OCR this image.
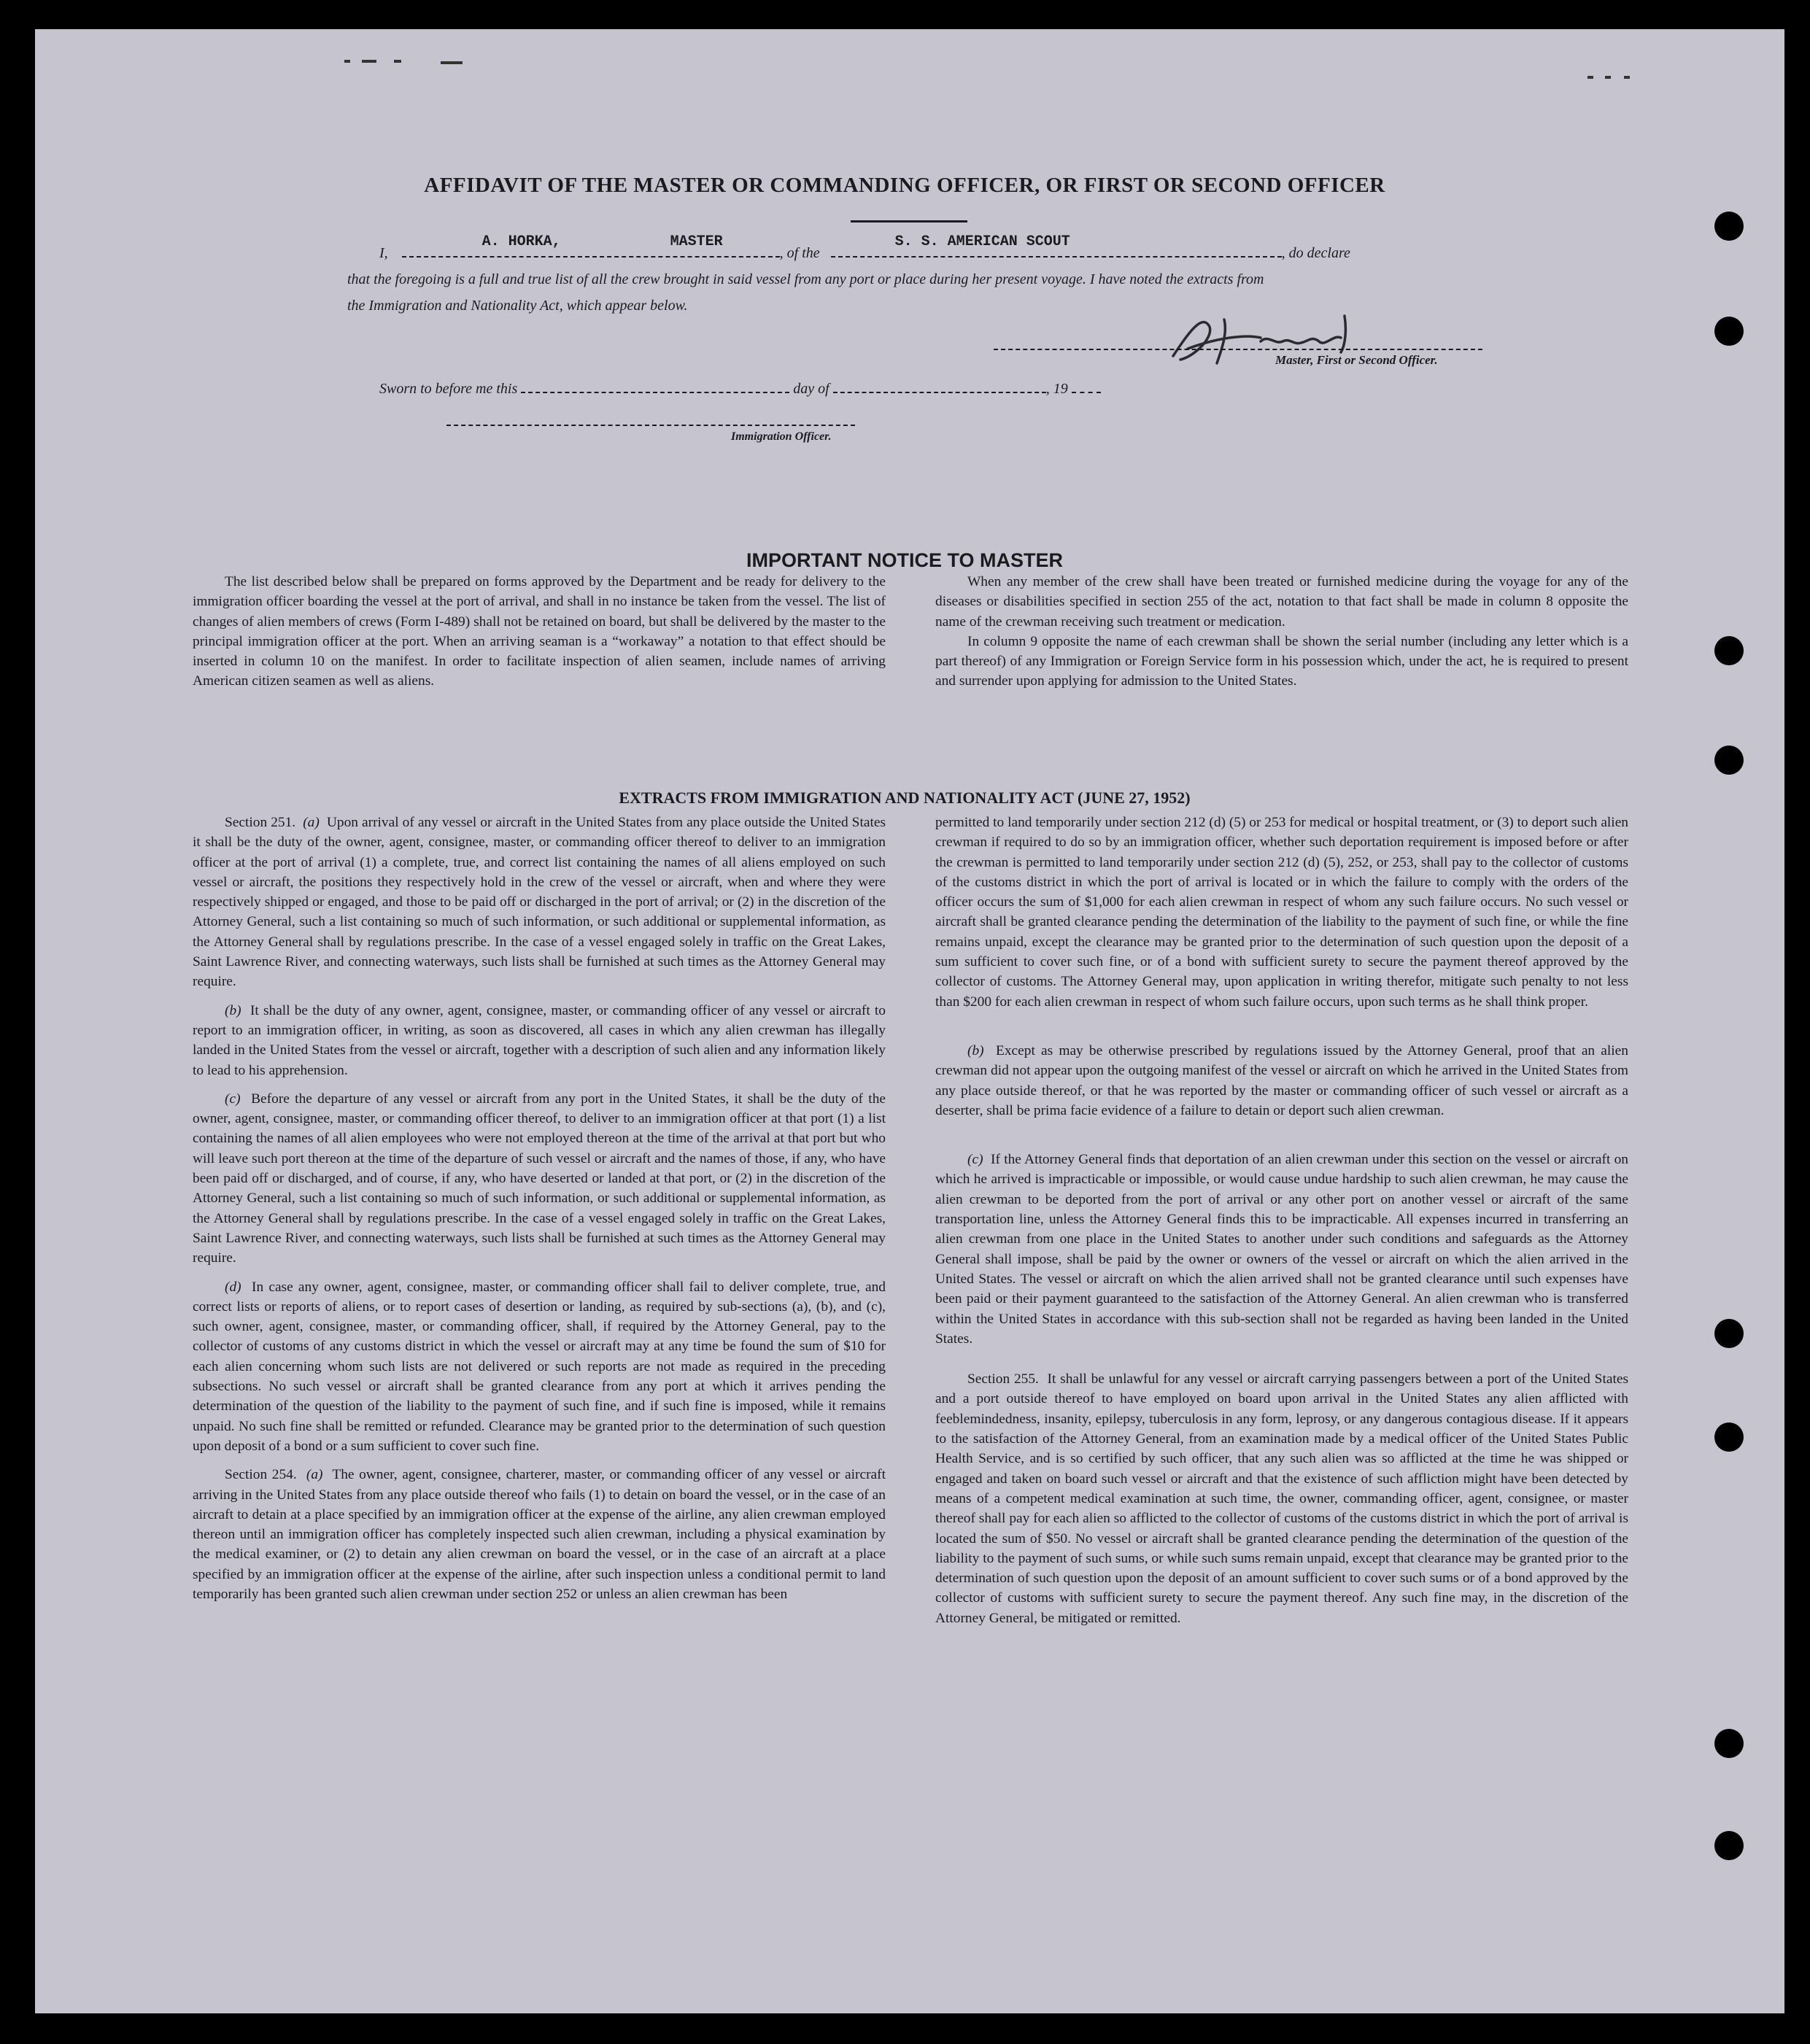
AFFIDAVIT OF THE MASTER OR COMMANDING OFFICER, OR FIRST OR SECOND OFFICER
I,
A. HORKA,	MASTER
, of the
S. S. AMERICAN SCOUT
, do declare
that the foregoing is a full and true list of all the crew brought in said vessel from any port or place during her present voyage. I have noted the extracts from
the Immigration and Nationality Act, which appear below.
Master, First or Second Officer.
Sworn to before me this	day of	, 19
Immigration Officer.
IMPORTANT NOTICE TO MASTER

The list described below shall be prepared on forms approved by the Department and be ready for delivery to the immigration officer boarding the vessel at the port of arrival, and shall in no instance be taken from the vessel. The list of changes of alien members of crews (Form I-489) shall not be retained on board, but shall be delivered by the master to the principal immigration officer at the port. When an arriving seaman is a “workaway” a notation to that effect should be inserted in column 10 on the manifest. In order to facilitate inspection of alien seamen, include names of arriving American citizen seamen as well as aliens.

When any member of the crew shall have been treated or furnished medicine during the voyage for any of the diseases or disabilities specified in section 255 of the act, notation to that fact shall be made in column 8 opposite the name of the crewman receiving such treatment or medication.

In column 9 opposite the name of each crewman shall be shown the serial number (including any letter which is a part thereof) of any Immigration or Foreign Service form in his possession which, under the act, he is required to present and surrender upon applying for admission to the United States.

EXTRACTS FROM IMMIGRATION AND NATIONALITY ACT (JUNE 27, 1952)

Section 251. (a) Upon arrival of any vessel or aircraft in the United States from any place outside the United States it shall be the duty of the owner, agent, consignee, master, or commanding officer thereof to deliver to an immigration officer at the port of arrival (1) a complete, true, and correct list containing the names of all aliens employed on such vessel or aircraft, the positions they respectively hold in the crew of the vessel or aircraft, when and where they were respectively shipped or engaged, and those to be paid off or discharged in the port of arrival; or (2) in the discretion of the Attorney General, such a list containing so much of such information, or such additional or supplemental information, as the Attorney General shall by regulations prescribe. In the case of a vessel engaged solely in traffic on the Great Lakes, Saint Lawrence River, and connecting waterways, such lists shall be furnished at such times as the Attorney General may require.

(b) It shall be the duty of any owner, agent, consignee, master, or commanding officer of any vessel or aircraft to report to an immigration officer, in writing, as soon as discovered, all cases in which any alien crewman has illegally landed in the United States from the vessel or aircraft, together with a description of such alien and any information likely to lead to his apprehension.

(c) Before the departure of any vessel or aircraft from any port in the United States, it shall be the duty of the owner, agent, consignee, master, or commanding officer thereof, to deliver to an immigration officer at that port (1) a list containing the names of all alien employees who were not employed thereon at the time of the arrival at that port but who will leave such port thereon at the time of the departure of such vessel or aircraft and the names of those, if any, who have been paid off or discharged, and of course, if any, who have deserted or landed at that port, or (2) in the discretion of the Attorney General, such a list containing so much of such information, or such additional or supplemental information, as the Attorney General shall by regulations prescribe. In the case of a vessel engaged solely in traffic on the Great Lakes, Saint Lawrence River, and connecting waterways, such lists shall be furnished at such times as the Attorney General may require.

(d) In case any owner, agent, consignee, master, or commanding officer shall fail to deliver complete, true, and correct lists or reports of aliens, or to report cases of desertion or landing, as required by sub-sections (a), (b), and (c), such owner, agent, consignee, master, or commanding officer, shall, if required by the Attorney General, pay to the collector of customs of any customs district in which the vessel or aircraft may at any time be found the sum of $10 for each alien concerning whom such lists are not delivered or such reports are not made as required in the preceding subsections. No such vessel or aircraft shall be granted clearance from any port at which it arrives pending the determination of the question of the liability to the payment of such fine, and if such fine is imposed, while it remains unpaid. No such fine shall be remitted or refunded. Clearance may be granted prior to the determination of such question upon deposit of a bond or a sum sufficient to cover such fine.

Section 254. (a) The owner, agent, consignee, charterer, master, or commanding officer of any vessel or aircraft arriving in the United States from any place outside thereof who fails (1) to detain on board the vessel, or in the case of an aircraft to detain at a place specified by an immigration officer at the expense of the airline, any alien crewman employed thereon until an immigration officer has completely inspected such alien crewman, including a physical examination by the medical examiner, or (2) to detain any alien crewman on board the vessel, or in the case of an aircraft at a place specified by an immigration officer at the expense of the airline, after such inspection unless a conditional permit to land temporarily has been granted such alien crewman under section 252 or unless an alien crewman has been

permitted to land temporarily under section 212 (d) (5) or 253 for medical or hospital treatment, or (3) to deport such alien crewman if required to do so by an immigration officer, whether such deportation requirement is imposed before or after the crewman is permitted to land temporarily under section 212 (d) (5), 252, or 253, shall pay to the collector of customs of the customs district in which the port of arrival is located or in which the failure to comply with the orders of the officer occurs the sum of $1,000 for each alien crewman in respect of whom any such failure occurs. No such vessel or aircraft shall be granted clearance pending the determination of the liability to the payment of such fine, or while the fine remains unpaid, except the clearance may be granted prior to the determination of such question upon the deposit of a sum sufficient to cover such fine, or of a bond with sufficient surety to secure the payment thereof approved by the collector of customs. The Attorney General may, upon application in writing therefor, mitigate such penalty to not less than $200 for each alien crewman in respect of whom such failure occurs, upon such terms as he shall think proper.

(b) Except as may be otherwise prescribed by regulations issued by the Attorney General, proof that an alien crewman did not appear upon the outgoing manifest of the vessel or aircraft on which he arrived in the United States from any place outside thereof, or that he was reported by the master or commanding officer of such vessel or aircraft as a deserter, shall be prima facie evidence of a failure to detain or deport such alien crewman.

(c) If the Attorney General finds that deportation of an alien crewman under this section on the vessel or aircraft on which he arrived is impracticable or impossible, or would cause undue hardship to such alien crewman, he may cause the alien crewman to be deported from the port of arrival or any other port on another vessel or aircraft of the same transportation line, unless the Attorney General finds this to be impracticable. All expenses incurred in transferring an alien crewman from one place in the United States to another under such conditions and safeguards as the Attorney General shall impose, shall be paid by the owner or owners of the vessel or aircraft on which the alien arrived in the United States. The vessel or aircraft on which the alien arrived shall not be granted clearance until such expenses have been paid or their payment guaranteed to the satisfaction of the Attorney General. An alien crewman who is transferred within the United States in accordance with this sub-section shall not be regarded as having been landed in the United States.

Section 255. It shall be unlawful for any vessel or aircraft carrying passengers between a port of the United States and a port outside thereof to have employed on board upon arrival in the United States any alien afflicted with feeblemindedness, insanity, epilepsy, tuberculosis in any form, leprosy, or any dangerous contagious disease. If it appears to the satisfaction of the Attorney General, from an examination made by a medical officer of the United States Public Health Service, and is so certified by such officer, that any such alien was so afflicted at the time he was shipped or engaged and taken on board such vessel or aircraft and that the existence of such affliction might have been detected by means of a competent medical examination at such time, the owner, commanding officer, agent, consignee, or master thereof shall pay for each alien so afflicted to the collector of customs of the customs district in which the port of arrival is located the sum of $50. No vessel or aircraft shall be granted clearance pending the determination of the question of the liability to the payment of such sums, or while such sums remain unpaid, except that clearance may be granted prior to the determination of such question upon the deposit of an amount sufficient to cover such sums or of a bond approved by the collector of customs with sufficient surety to secure the payment thereof. Any such fine may, in the discretion of the Attorney General, be mitigated or remitted.
